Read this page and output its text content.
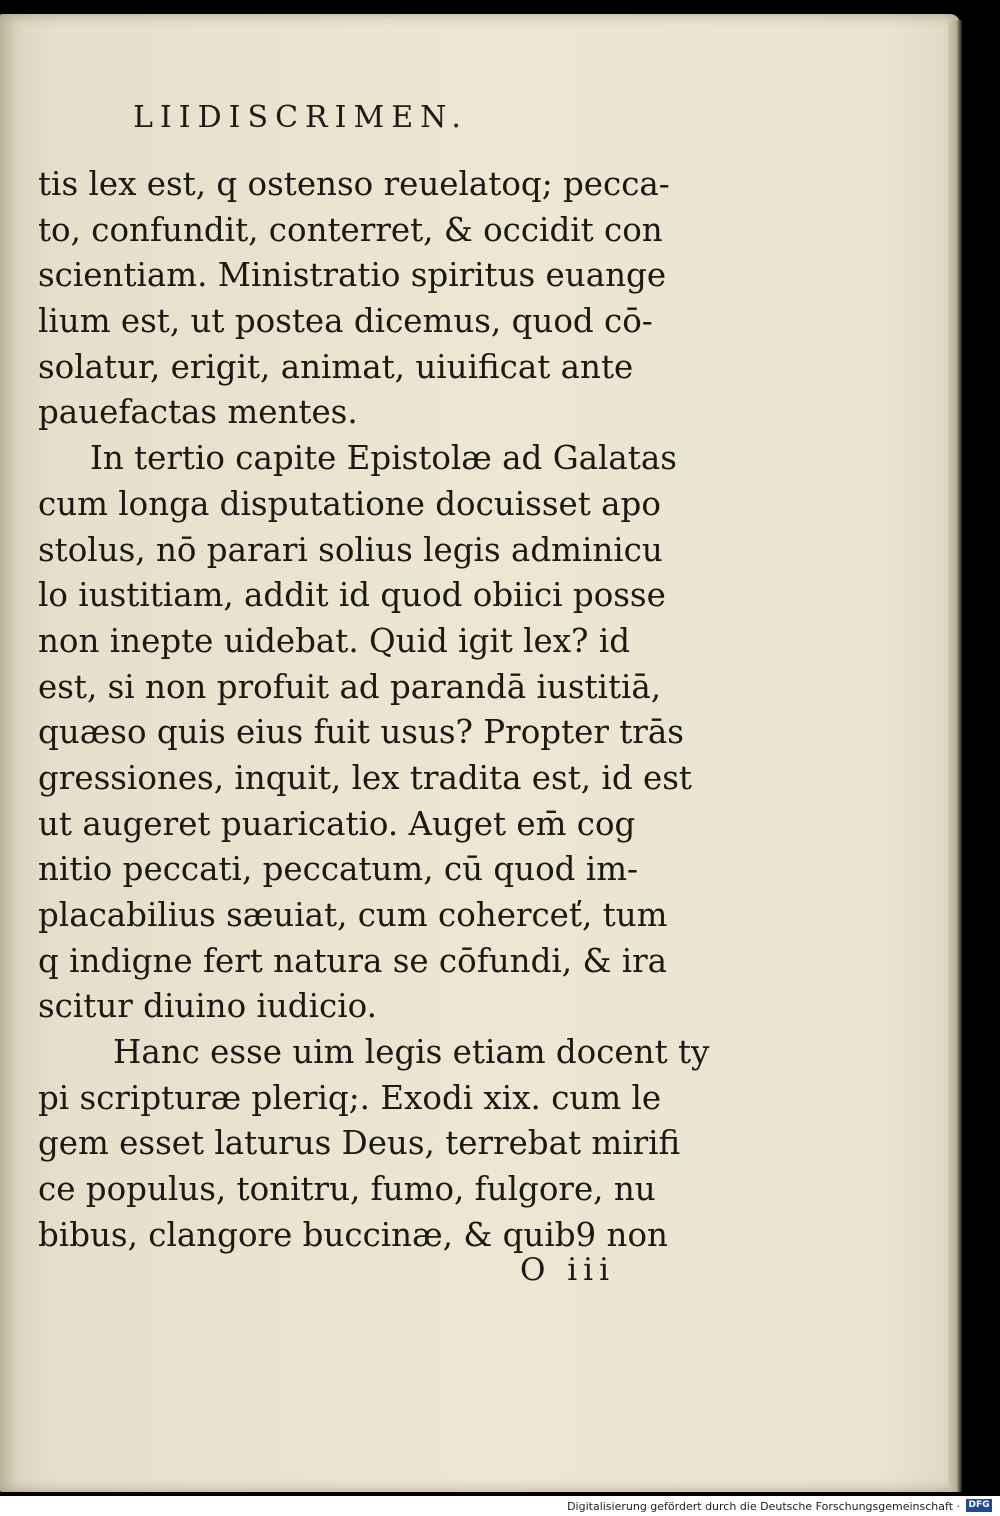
LIIDISCRIMEN.
tis lex est, q ostenso reuelatoq; pecca-
to, confundit, conterret, & occidit con
scientiam. Ministratio spiritus euange
lium est, ut postea dicemus, quod cō-
solatur, erigit, animat, uiuificat ante
pauefactas mentes.
In tertio capite Epistolæ ad Galatas
cum longa disputatione docuisset apo
stolus, nō parari solius legis adminicu
lo iustitiam, addit id quod obiici posse
non inepte uidebat. Quid igit lex? id
est, si non profuit ad parandā iustitiā,
quæso quis eius fuit usus? Propter trās
gressiones, inquit, lex tradita est, id est
ut augeret puaricatio. Auget em̄ cog
nitio peccati, peccatum, cū quod im-
placabilius sæuiat, cum coherceť, tum
q indigne fert natura se cōfundi, & ira
scitur diuino iudicio.
Hanc esse uim legis etiam docent ty
pi scripturæ pleriq;. Exodi xix. cum le
gem esset laturus Deus, terrebat mirifi
ce populus, tonitru, fumo, fulgore, nu
bibus, clangore buccinæ, & quib9 non
O iii
Digitalisierung gefördert durch die Deutsche Forschungsgemeinschaft · DFG
